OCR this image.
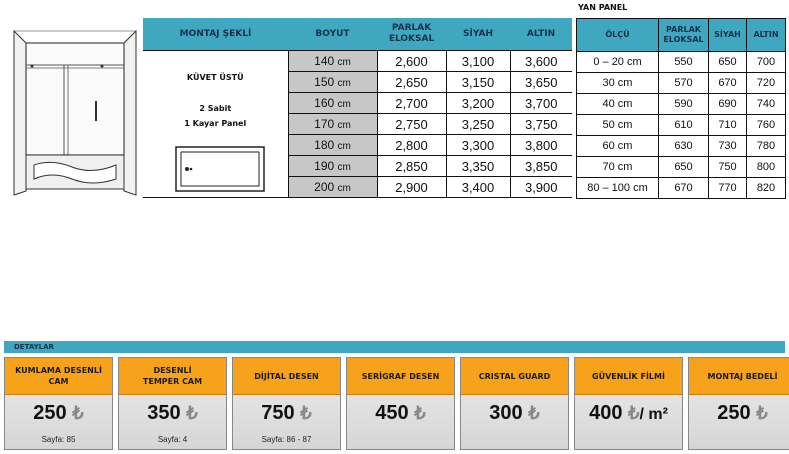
MONTAJ ŞEKLİ	BOYUT	PARLAK
ELOKSAL	SİYAH	ALTIN

KÜVET ÜSTÜ
2 Sabit
1 Kayar Panel	140 cm	2,600	3,100	3,600
	150 cm	2,650	3,150	3,650
	160 cm	2,700	3,200	3,700
	170 cm	2,750	3,250	3,750
	180 cm	2,800	3,300	3,800
	190 cm	2,850	3,350	3,850
	200 cm	2,900	3,400	3,900
YAN PANEL
ÖLÇÜ	PARLAK
ELOKSAL	SİYAH	ALTIN
0 – 20 cm	550	650	700
30 cm	570	670	720
40 cm	590	690	740
50 cm	610	710	760
60 cm	630	730	780
70 cm	650	750	800
80 – 100 cm	670	770	820
DETAYLAR
KUMLAMA DESENLİ
CAM
250 ₺
Sayfa: 85
DESENLİ
TEMPER CAM
350 ₺
Sayfa: 4
DİJİTAL DESEN
750 ₺
Sayfa: 86 - 87
SERİGRAF DESEN
450 ₺
CRISTAL GUARD
300 ₺
GÜVENLİK FİLMİ
400 ₺/ m²
MONTAJ BEDELİ
250 ₺
